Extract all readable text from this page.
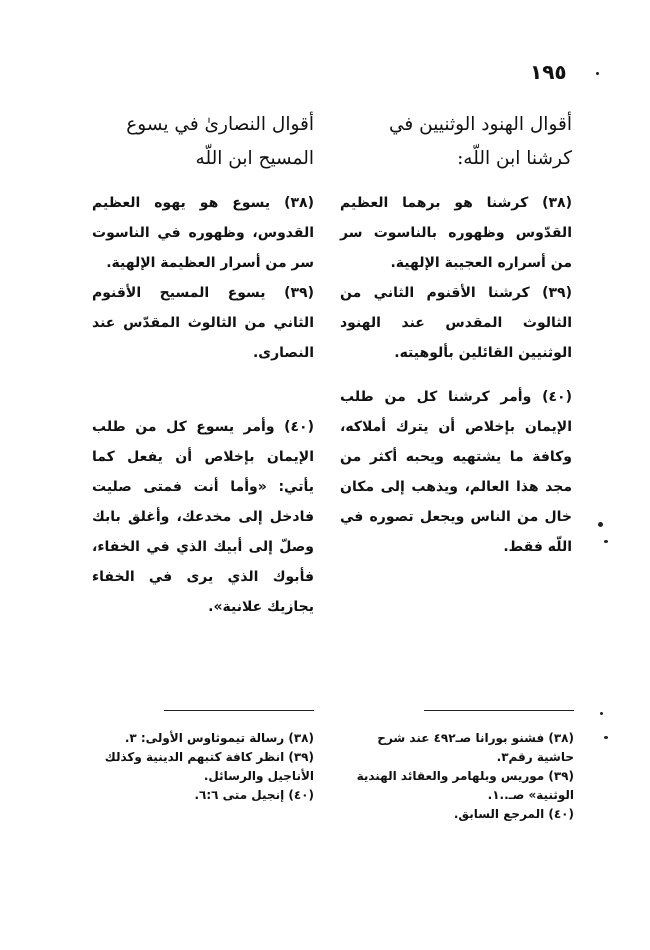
١٩٥
أقوال الهنود الوثنيين في
كرشنا ابن اللّه:

(٣٨) كرشنا هو برهما العظيم القدّوس وظهوره بالناسوت سر من أسراره العجيبة الإلهية.

(٣٩) كرشنا الأقنوم الثاني من الثالوث المقدس عند الهنود الوثنيين القائلين بألوهيته.

(٤٠) وأمر كرشنا كل من طلب الإيمان بإخلاص أن يترك أملاكه، وكافة ما يشتهيه ويحبه أكثر من مجد هذا العالم، ويذهب إلى مكان خال من الناس ويجعل تصوره في اللّه فقط.

أقوال النصارىٰ في يسوع
المسيح ابن اللّه

(٣٨) يسوع هو يهوه العظيم القدوس، وظهوره في الناسوت سر من أسرار العظيمة الإلهية.

(٣٩) يسوع المسيح الأقنوم الثاني من الثالوث المقدّس عند النصارى.

(٤٠) وأمر يسوع كل من طلب الإيمان بإخلاص أن يفعل كما يأتي: «وأما أنت فمتى صليت فادخل إلى مخدعك، وأغلق بابك وصلّ إلى أبيك الذي في الخفاء، فأبوك الذي يرى في الخفاء يجازيك علانية».

(٣٨) فشنو بورانا صـ٤٩٢ عند شرح حاشية رقم٣.

(٣٩) موريس وبلهامر والعقائد الهندية الوثنية» صـ..١.

(٤٠) المرجع السابق.

(٣٨) رسالة تيموثاوس الأولى: ٣.

(٣٩) انظر كافة كتبهم الدينية وكذلك الأناجيل والرسائل.

(٤٠) إنجيل متى ٦:٦.
